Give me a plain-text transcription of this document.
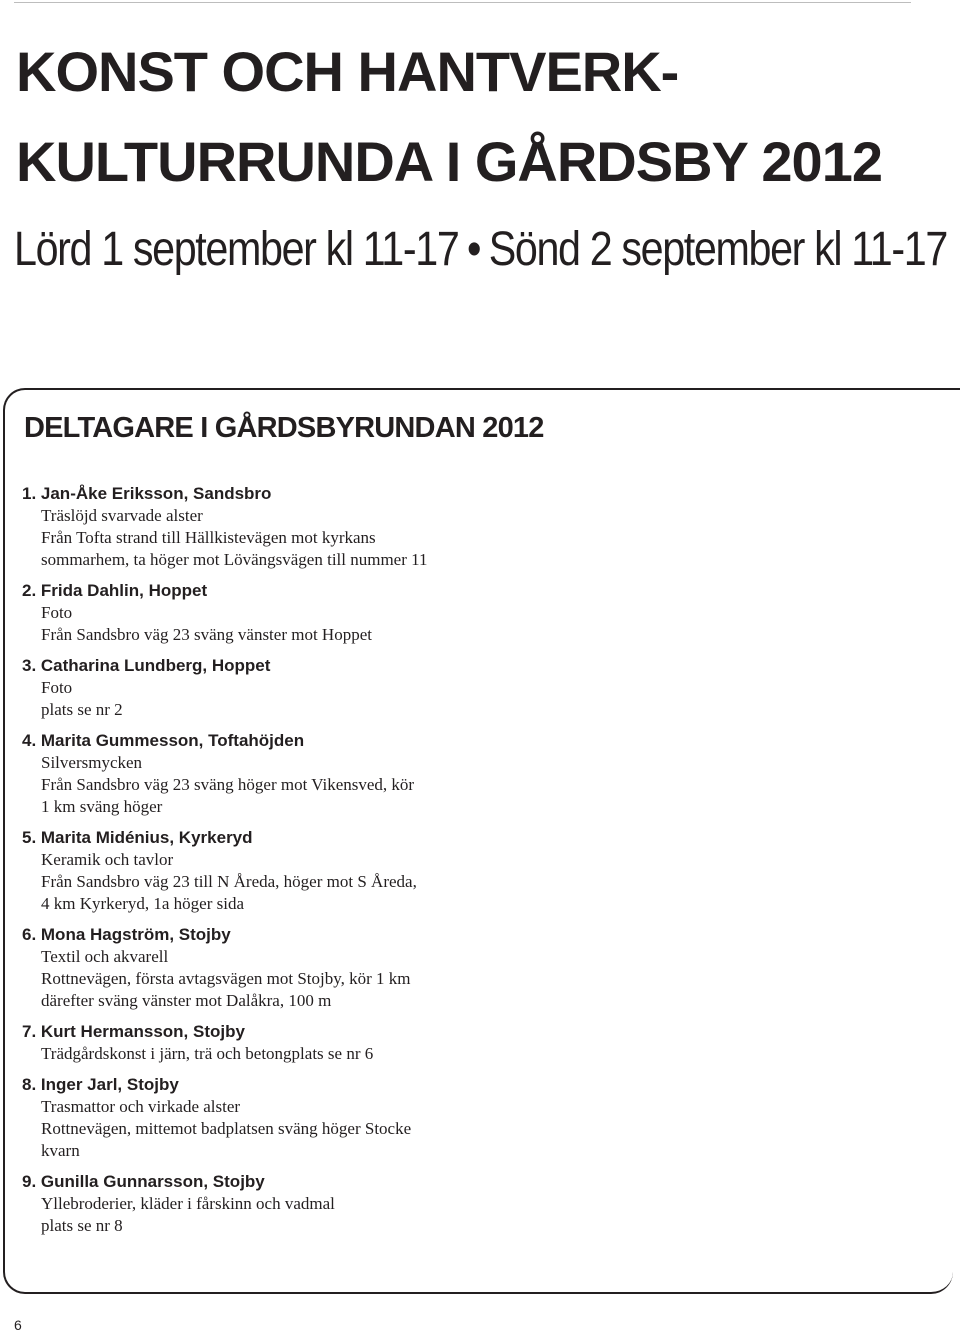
KONST OCH HANTVERK-
KULTURRUNDA I GÅRDSBY 2012

Lörd 1 september kl 11-17 • Sönd 2 september kl 11-17

DELTAGARE I GÅRDSBYRUNDAN 2012
1. Jan-Åke Eriksson, Sandsbro
Träslöjd svarvade alster
Från Tofta strand till Hällkistevägen mot kyrkans
sommarhem, ta höger mot Lövängsvägen till nummer 11
2. Frida Dahlin, Hoppet
Foto
Från Sandsbro väg 23 sväng vänster mot Hoppet
3. Catharina Lundberg, Hoppet
Foto
plats se nr 2
4. Marita Gummesson, Toftahöjden
Silversmycken
Från Sandsbro väg 23 sväng höger mot Vikensved, kör
1 km sväng höger
5. Marita Midénius, Kyrkeryd
Keramik och tavlor
Från Sandsbro väg 23 till N Åreda, höger mot S Åreda,
4 km Kyrkeryd, 1a höger sida
6. Mona Hagström, Stojby
Textil och akvarell
Rottnevägen, första avtagsvägen mot Stojby, kör 1 km
därefter sväng vänster mot Dalåkra, 100 m
7. Kurt Hermansson, Stojby
Trädgårdskonst i järn, trä och betongplats se nr 6
8. Inger Jarl, Stojby
Trasmattor och virkade alster
Rottnevägen, mittemot badplatsen sväng höger Stocke
kvarn
9. Gunilla Gunnarsson, Stojby
Yllebroderier, kläder i fårskinn och vadmal
plats se nr 8
6
